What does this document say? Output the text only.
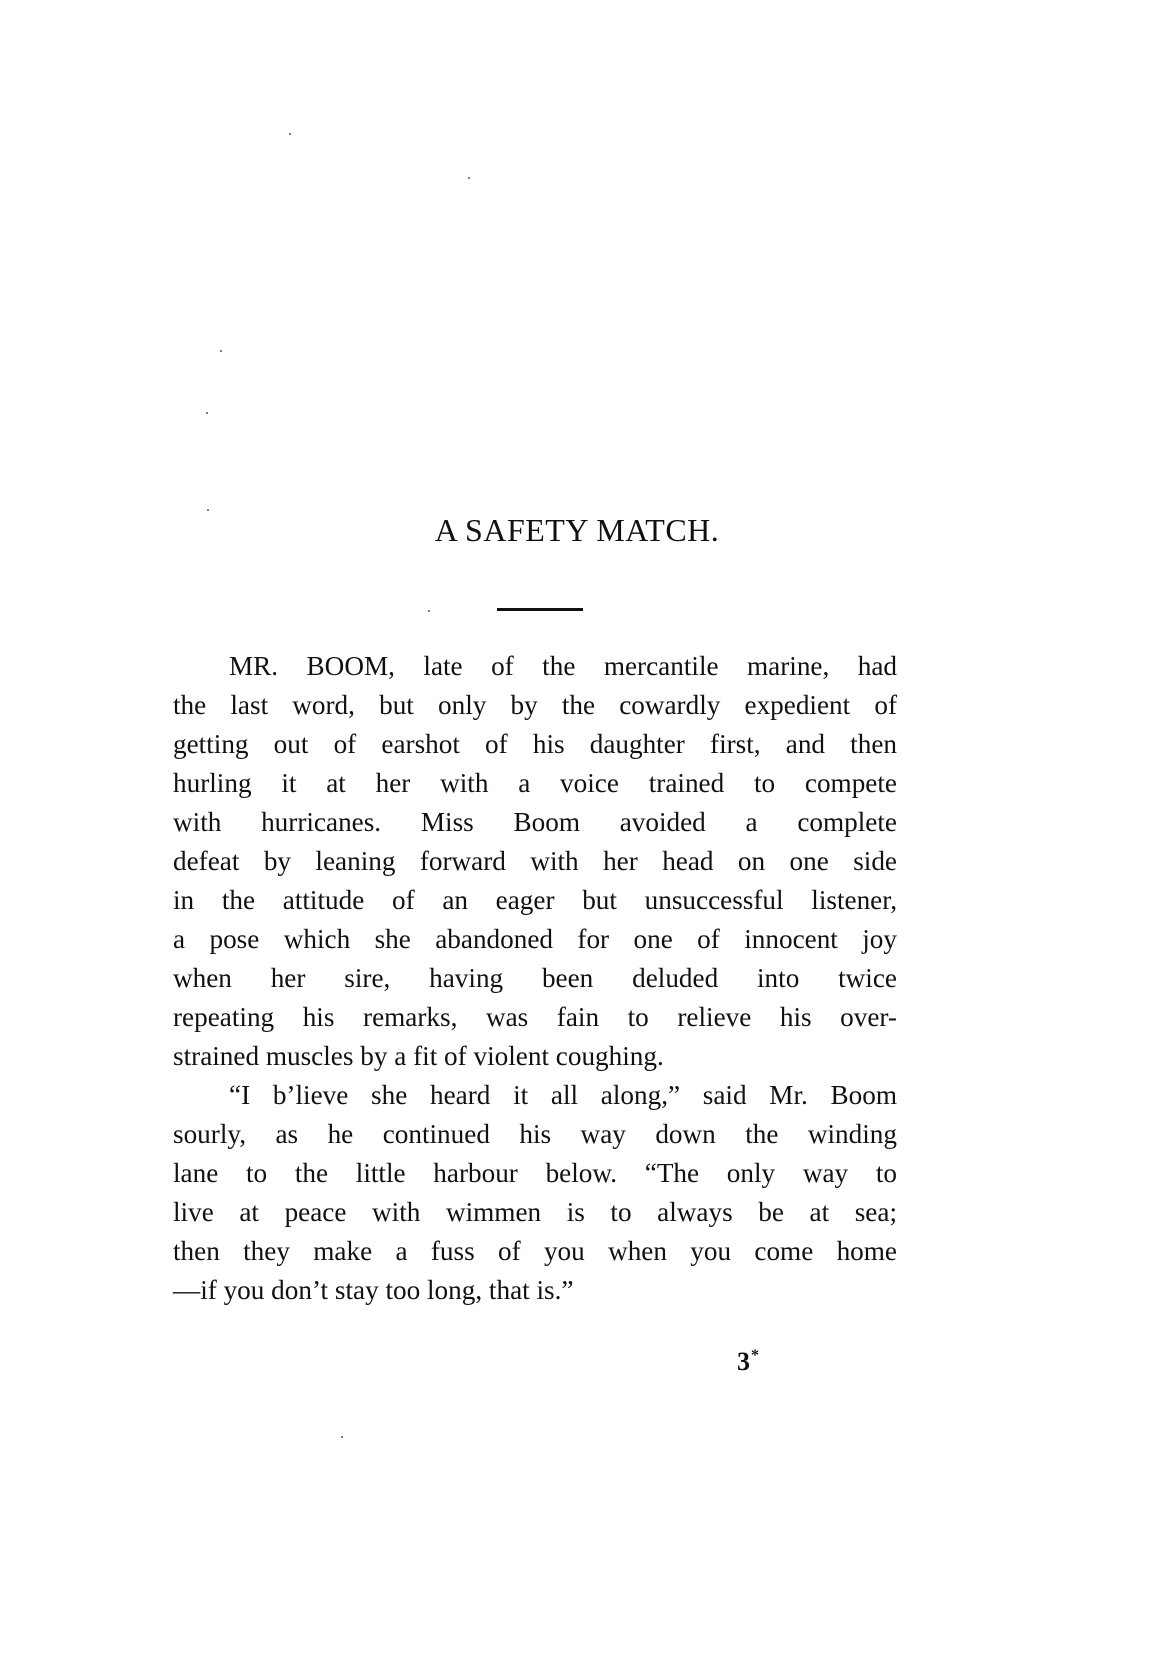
A SAFETY MATCH.
MR. BOOM, late of the mercantile marine, had
the last word, but only by the cowardly expedient of
getting out of earshot of his daughter first, and then
hurling it at her with a voice trained to compete
with hurricanes. Miss Boom avoided a complete
defeat by leaning forward with her head on one side
in the attitude of an eager but unsuccessful listener,
a pose which she abandoned for one of innocent joy
when her sire, having been deluded into twice
repeating his remarks, was fain to relieve his over-
strained muscles by a fit of violent coughing.
“I b’lieve she heard it all along,” said Mr. Boom
sourly, as he continued his way down the winding
lane to the little harbour below. “The only way to
live at peace with wimmen is to always be at sea;
then they make a fuss of you when you come home
—if you don’t stay too long, that is.”
3*
